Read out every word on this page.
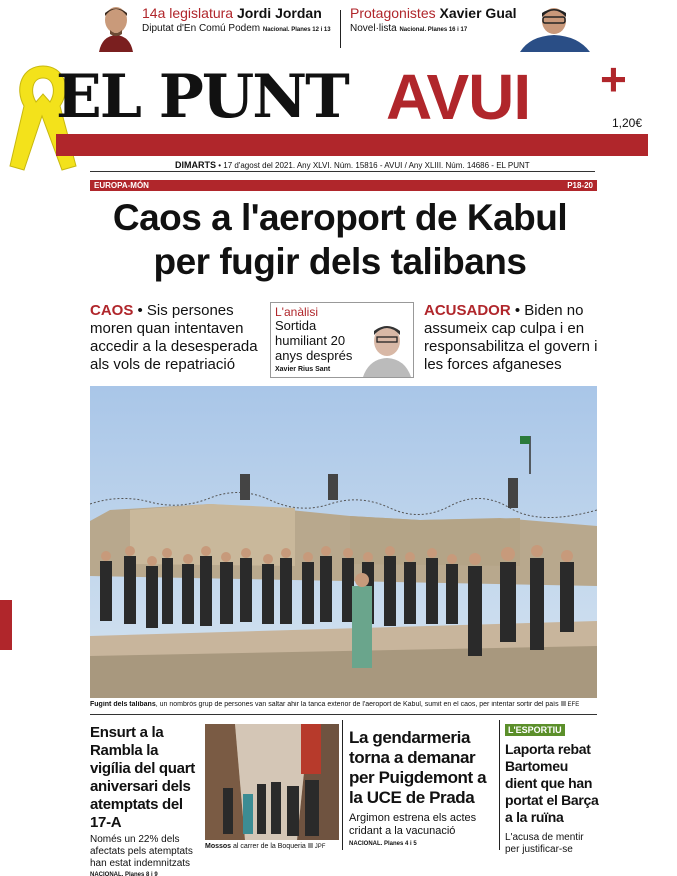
14a legislatura Jordi Jordan
Diputat d'En Comú Podem Nacional. Planes 12 i 13
Protagonistes Xavier Gual
Novel·lista Nacional. Planes 16 i 17
EL PUNT AVUI +
1,20€
DIMARTS • 17 d'agost del 2021. Any XLVI. Núm. 15816 - AVUI / Any XLIII. Núm. 14686 - EL PUNT
EUROPA-MÓN	P18-20
Caos a l'aeroport de Kabul
per fugir dels talibans
CAOS • Sis persones moren quan intentaven accedir a la desesperada als vols de repatriació
L'anàlisi
Sortida humiliant 20 anys després
Xavier Rius Sant
ACUSADOR • Biden no assumeix cap culpa i en responsabilitza el govern i les forces afganeses
Fugint dels talibans, un nombrós grup de persones van saltar ahir la tanca exterior de l'aeroport de Kabul, sumit en el caos, per intentar sortir del país EFE
Ensurt a la Rambla la vigília del quart aniversari dels atemptats del 17-A
Només un 22% dels afectats pels atemptats han estat indemnitzats
NACIONAL. Planes 8 i 9
Mossos al carrer de la Boqueria JPF
La gendarmeria torna a demanar per Puigdemont a la UCE de Prada
Argimon estrena els actes cridant a la vacunació
NACIONAL. Planes 4 i 5
L'ESPORTIU
Laporta rebat Bartomeu dient que han portat el Barça a la ruïna
L'acusa de mentir per justificar-se
